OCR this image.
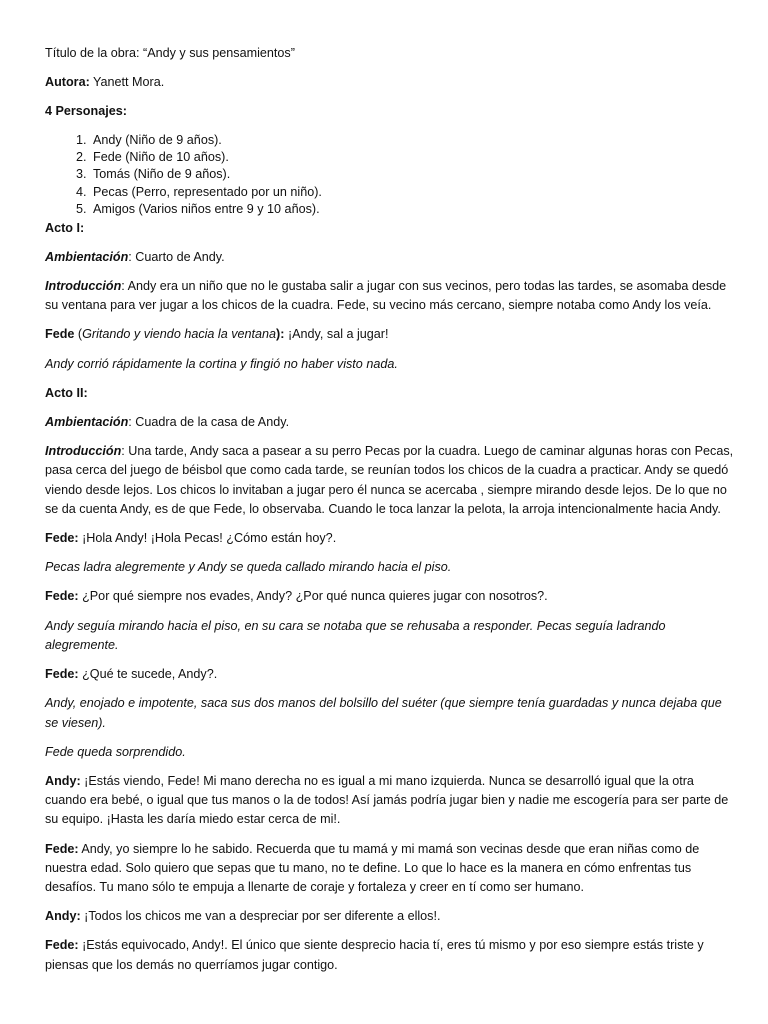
Título de la obra: “Andy y sus pensamientos”

Autora: Yanett Mora.

4 Personajes:

1. Andy (Niño de 9 años).
2. Fede (Niño de 10 años).
3. Tomás (Niño de 9 años).
4. Pecas (Perro, representado por un niño).
5. Amigos (Varios niños entre 9 y 10 años).

Acto I:

Ambientación: Cuarto de Andy.

Introducción: Andy era un niño que no le gustaba salir a jugar con sus vecinos, pero todas las tardes, se asomaba desde su ventana para ver jugar a los chicos de la cuadra. Fede, su vecino más cercano, siempre notaba como Andy los veía.

Fede (Gritando y viendo hacia la ventana): ¡Andy, sal a jugar!

Andy corrió rápidamente la cortina y fingió no haber visto nada.

Acto II:

Ambientación: Cuadra de la casa de Andy.

Introducción: Una tarde, Andy saca a pasear a su perro Pecas por la cuadra. Luego de caminar algunas horas con Pecas, pasa cerca del juego de béisbol que como cada tarde, se reunían todos los chicos de la cuadra a practicar. Andy se quedó viendo desde lejos. Los chicos lo invitaban a jugar pero él nunca se acercaba , siempre mirando desde lejos. De lo que no se da cuenta Andy, es de que Fede, lo observaba. Cuando le toca lanzar la pelota, la arroja intencionalmente hacia Andy.

Fede: ¡Hola Andy! ¡Hola Pecas! ¿Cómo están hoy?.

Pecas ladra alegremente y Andy se queda callado mirando hacia el piso.

Fede: ¿Por qué siempre nos evades, Andy? ¿Por qué nunca quieres jugar con nosotros?.

Andy seguía mirando hacia el piso, en su cara se notaba que se rehusaba a responder. Pecas seguía ladrando alegremente.

Fede: ¿Qué te sucede, Andy?.

Andy, enojado e impotente, saca sus dos manos del bolsillo del suéter (que siempre tenía guardadas y nunca dejaba que se viesen).

Fede queda sorprendido.

Andy: ¡Estás viendo, Fede! Mi mano derecha no es igual a mi mano izquierda. Nunca se desarrolló igual que la otra cuando era bebé, o igual que tus manos o la de todos! Así jamás podría jugar bien y nadie me escogería para ser parte de su equipo. ¡Hasta les daría miedo estar cerca de mi!.

Fede: Andy, yo siempre lo he sabido. Recuerda que tu mamá y mi mamá son vecinas desde que eran niñas como de nuestra edad. Solo quiero que sepas que tu mano, no te define. Lo que lo hace es la manera en cómo enfrentas tus desafíos. Tu mano sólo te empuja a llenarte de coraje y fortaleza y creer en tí como ser humano.

Andy: ¡Todos los chicos me van a despreciar por ser diferente a ellos!.

Fede: ¡Estás equivocado, Andy!. El único que siente desprecio hacia tí, eres tú mismo y por eso siempre estás triste y piensas que los demás no querríamos jugar contigo.
